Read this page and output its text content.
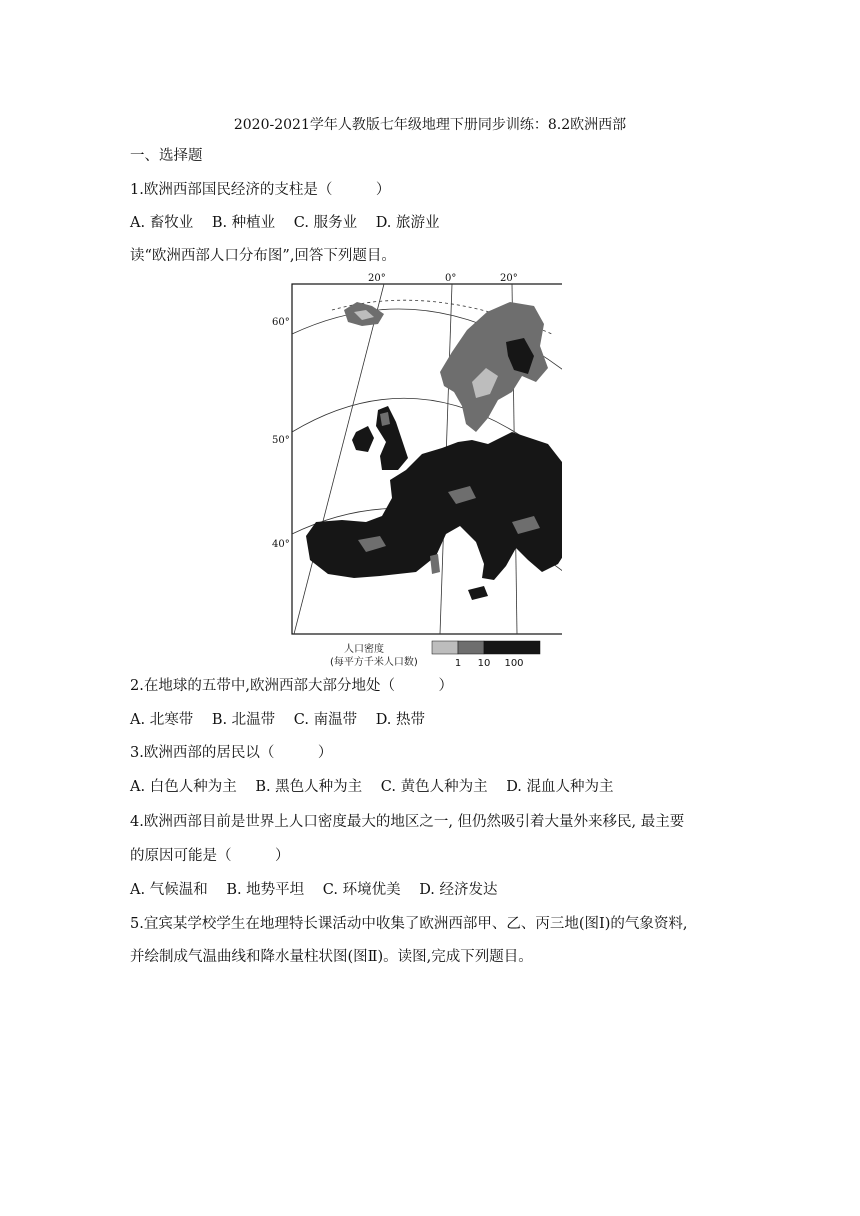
2020-2021学年人教版七年级地理下册同步训练：8.2欧洲西部
一、选择题
1.欧洲西部国民经济的支柱是（　　　）
A. 畜牧业 B. 种植业 C. 服务业 D. 旅游业
读“欧洲西部人口分布图”,回答下列题目。
20°	0°	20°
60°
50°
40°
人口密度
(每平方千米人口数)	1 10 100
2.在地球的五带中,欧洲西部大部分地处（　　　）
A. 北寒带 B. 北温带 C. 南温带 D. 热带
3.欧洲西部的居民以（　　　）
A. 白色人种为主 B. 黑色人种为主 C. 黄色人种为主 D. 混血人种为主
4.欧洲西部目前是世界上人口密度最大的地区之一, 但仍然吸引着大量外来移民, 最主要
的原因可能是（　　　）
A. 气候温和 B. 地势平坦 C. 环境优美 D. 经济发达
5.宜宾某学校学生在地理特长课活动中收集了欧洲西部甲、乙、丙三地(图Ⅰ)的气象资料,
并绘制成气温曲线和降水量柱状图(图Ⅱ)。读图,完成下列题目。
